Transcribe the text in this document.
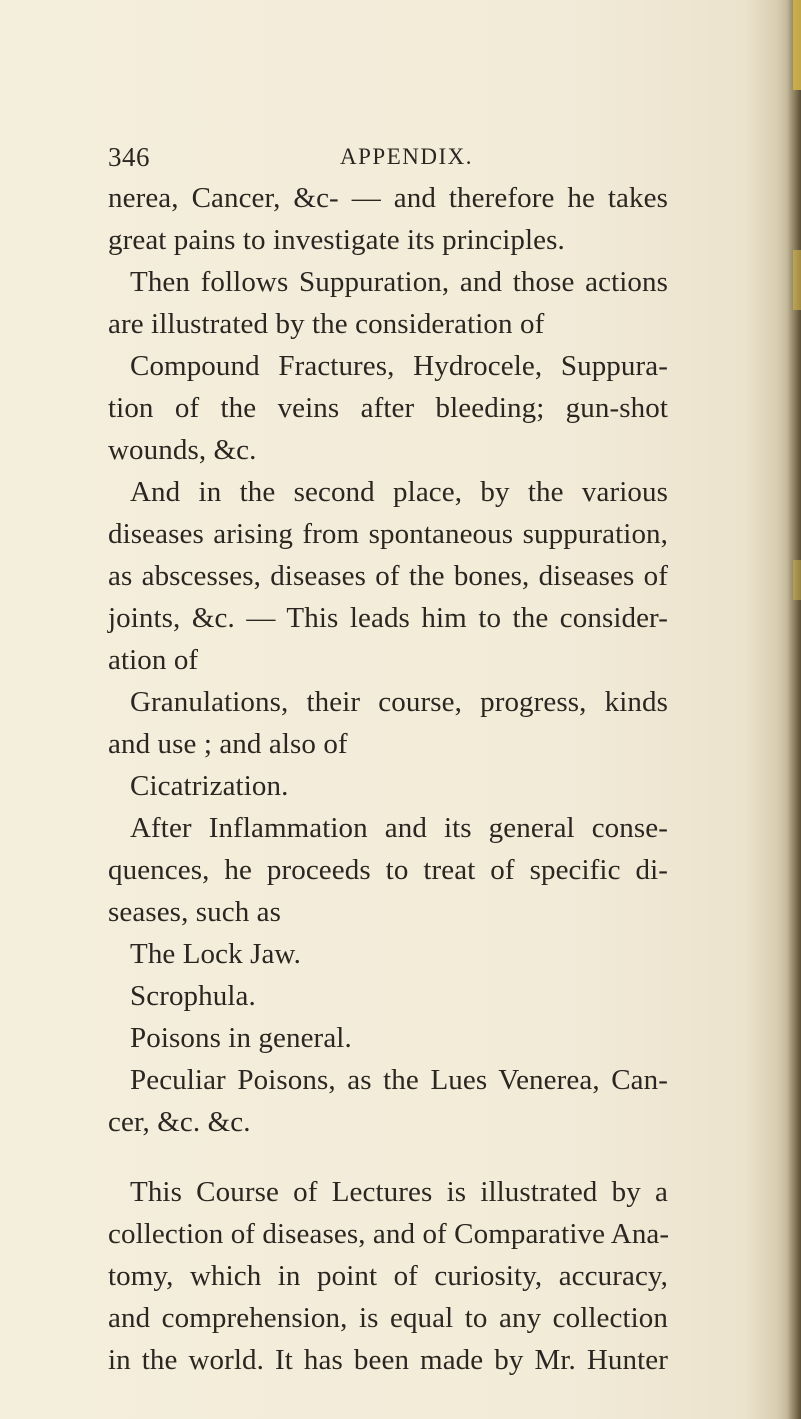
346	APPENDIX.
nerea, Cancer, &c- — and therefore he takes
great pains to investigate its principles.
Then follows Suppuration, and those actions
are illustrated by the consideration of
Compound Fractures, Hydrocele, Suppura-
tion of the veins after bleeding; gun-shot
wounds, &c.
And in the second place, by the various
diseases arising from spontaneous suppuration,
as abscesses, diseases of the bones, diseases of
joints, &c. — This leads him to the consider-
ation of
Granulations, their course, progress, kinds
and use ; and also of
Cicatrization.
After Inflammation and its general conse-
quences, he proceeds to treat of specific di-
seases, such as
The Lock Jaw.
Scrophula.
Poisons in general.
Peculiar Poisons, as the Lues Venerea, Can-
cer, &c. &c.
This Course of Lectures is illustrated by a
collection of diseases, and of Comparative Ana-
tomy, which in point of curiosity, accuracy,
and comprehension, is equal to any collection
in the world. It has been made by Mr. Hunter
